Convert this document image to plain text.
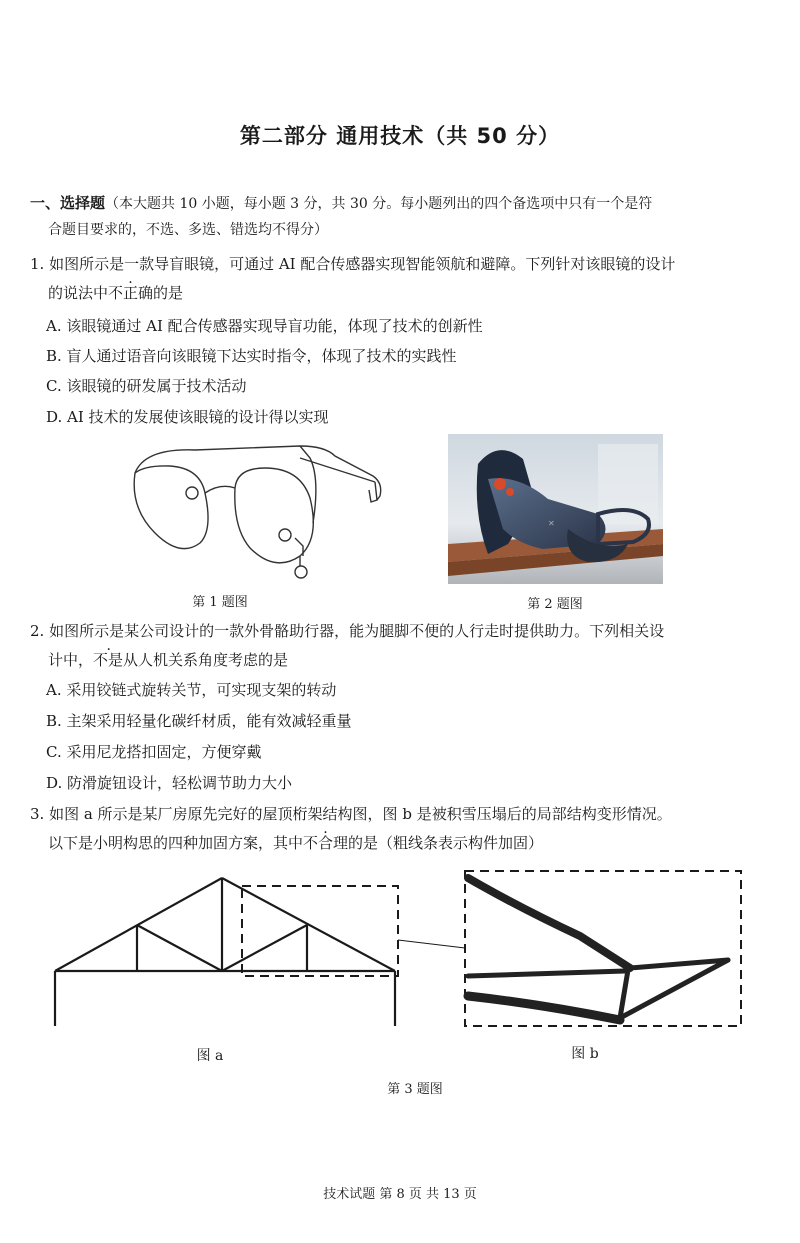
第二部分 通用技术（共 50 分）
一、选择题（本大题共 10 小题，每小题 3 分，共 30 分。每小题列出的四个备选项中只有一个是符
合题目要求的，不选、多选、错选均不得分）
1. 如图所示是一款导盲眼镜，可通过 AI 配合传感器实现智能领航和避障。下列针对该眼镜的设计
的说法中不正确的是
A. 该眼镜通过 AI 配合传感器实现导盲功能，体现了技术的创新性
B. 盲人通过语音向该眼镜下达实时指令，体现了技术的实践性
C. 该眼镜的研发属于技术活动
D. AI 技术的发展使该眼镜的设计得以实现
第 1 题图
✕
第 2 题图
2. 如图所示是某公司设计的一款外骨骼助行器，能为腿脚不便的人行走时提供助力。下列相关设
计中，不是从人机关系角度考虑的是
A. 采用铰链式旋转关节，可实现支架的转动
B. 主架采用轻量化碳纤材质，能有效减轻重量
C. 采用尼龙搭扣固定，方便穿戴
D. 防滑旋钮设计，轻松调节助力大小
3. 如图 a 所示是某厂房原先完好的屋顶桁架结构图，图 b 是被积雪压塌后的局部结构变形情况。
以下是小明构思的四种加固方案，其中不合理的是（粗线条表示构件加固）
图 a	图 b
第 3 题图
技术试题 第 8 页 共 13 页
